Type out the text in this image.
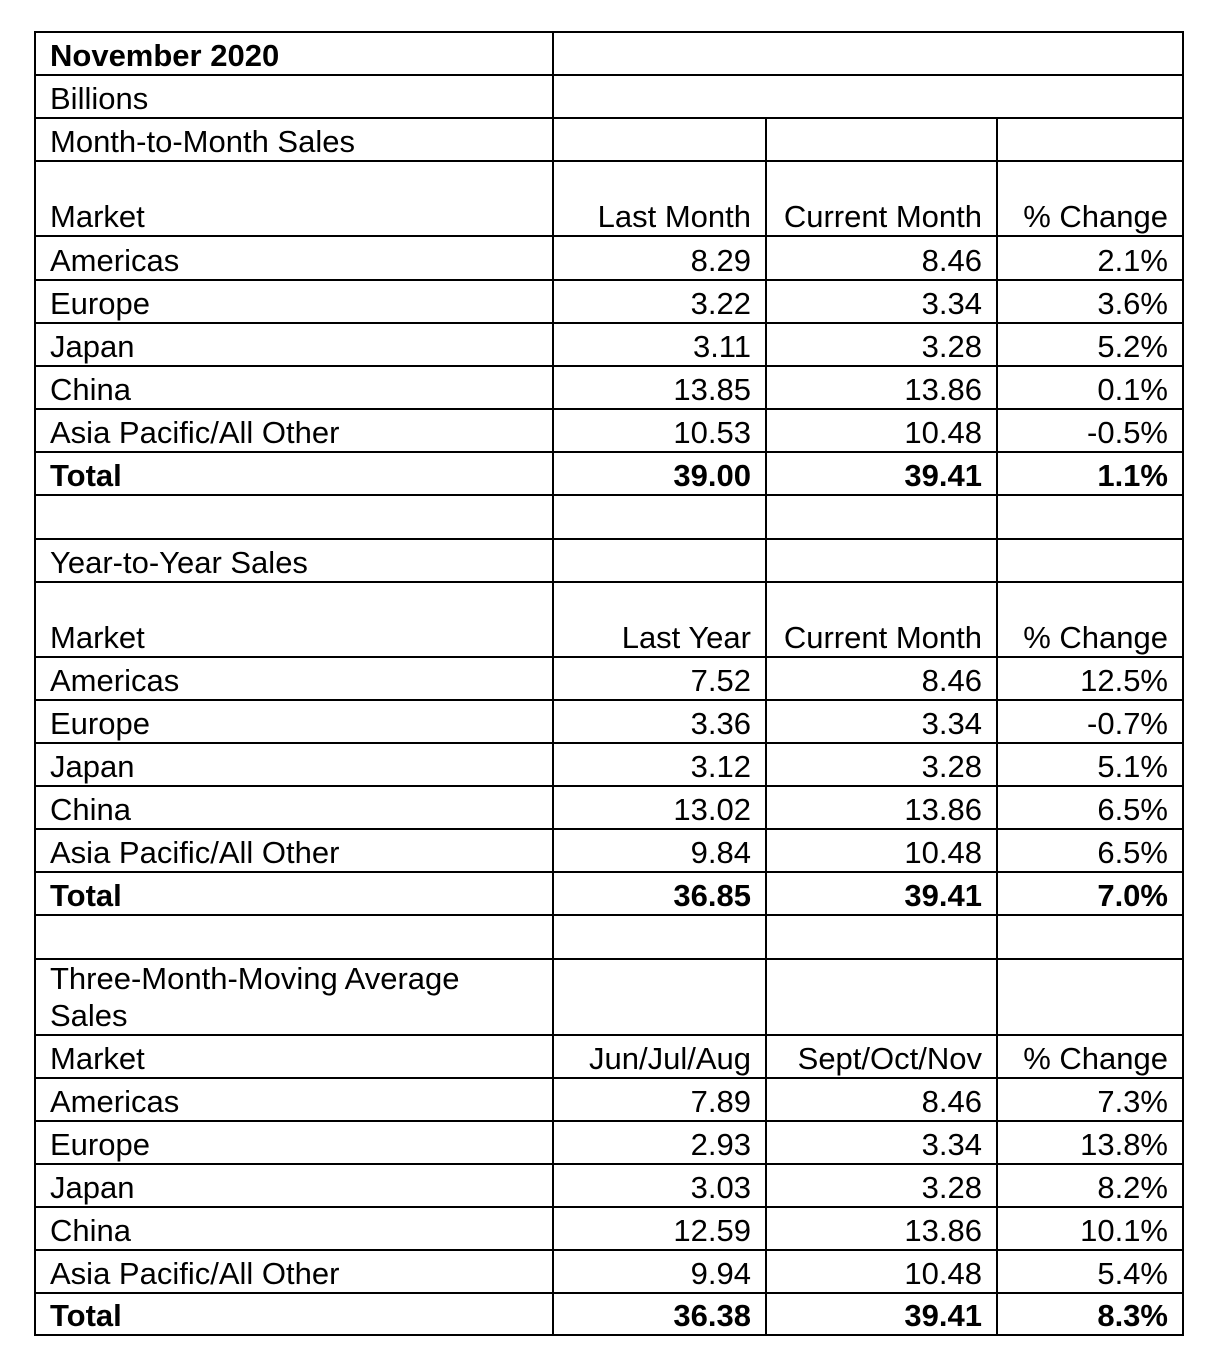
November 2020			
Billions			
Month-to-Month Sales			
Market	Last Month	Current Month	% Change
Americas	8.29	8.46	2.1%
Europe	3.22	3.34	3.6%
Japan	3.11	3.28	5.2%
China	13.85	13.86	0.1%
Asia Pacific/All Other	10.53	10.48	-0.5%
Total	39.00	39.41	1.1%

Year-to-Year Sales			
Market	Last Year	Current Month	% Change
Americas	7.52	8.46	12.5%
Europe	3.36	3.34	-0.7%
Japan	3.12	3.28	5.1%
China	13.02	13.86	6.5%
Asia Pacific/All Other	9.84	10.48	6.5%
Total	36.85	39.41	7.0%

Three-Month-Moving Average Sales			
Market	Jun/Jul/Aug	Sept/Oct/Nov	% Change
Americas	7.89	8.46	7.3%
Europe	2.93	3.34	13.8%
Japan	3.03	3.28	8.2%
China	12.59	13.86	10.1%
Asia Pacific/All Other	9.94	10.48	5.4%
Total	36.38	39.41	8.3%
